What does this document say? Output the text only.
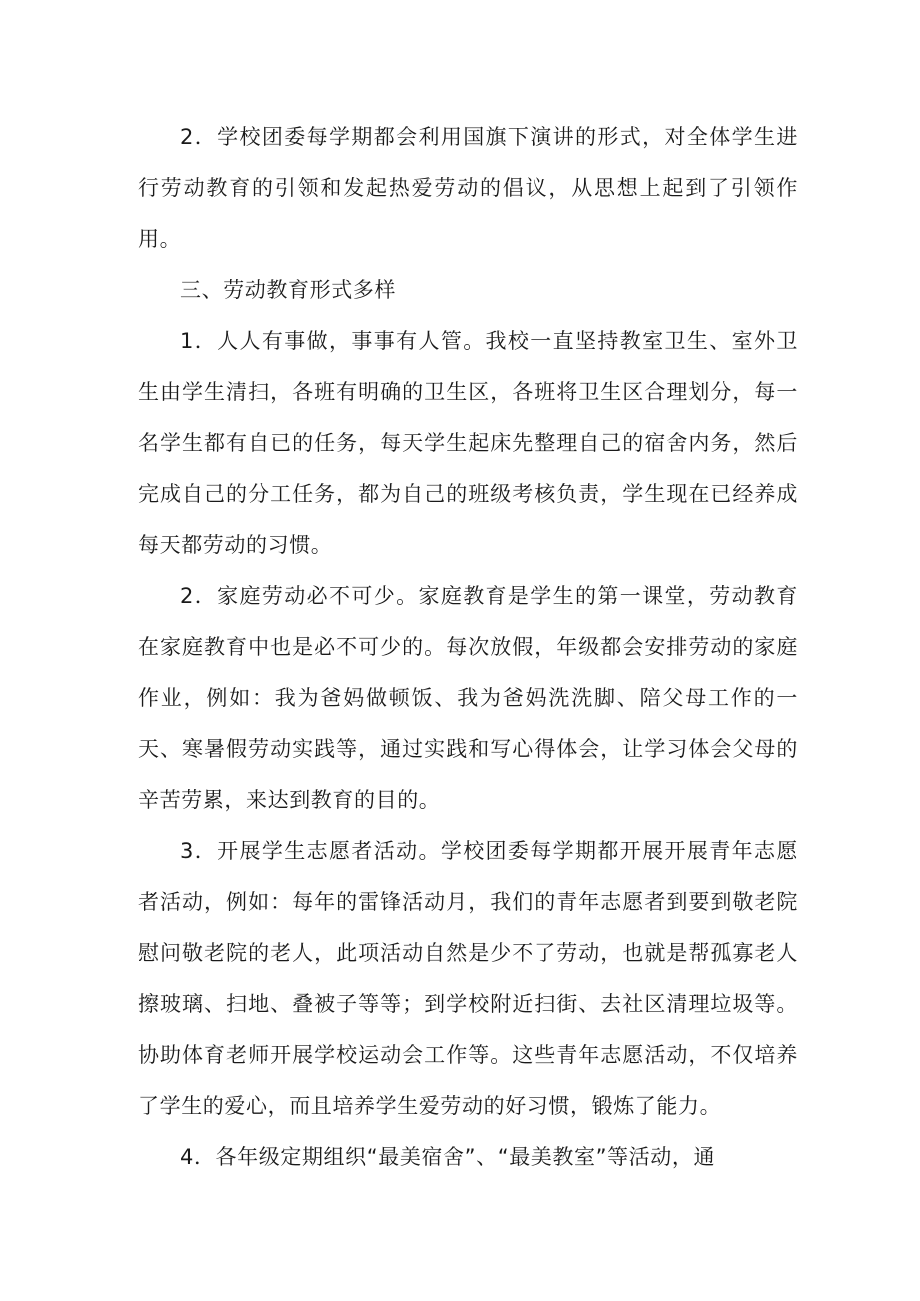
2．学校团委每学期都会利用国旗下演讲的形式，对全体学生进行劳动教育的引领和发起热爱劳动的倡议，从思想上起到了引领作用。

三、劳动教育形式多样

1．人人有事做，事事有人管。我校一直坚持教室卫生、室外卫生由学生清扫，各班有明确的卫生区，各班将卫生区合理划分，每一名学生都有自已的任务，每天学生起床先整理自己的宿舍内务，然后完成自己的分工任务，都为自己的班级考核负责，学生现在已经养成每天都劳动的习惯。

2．家庭劳动必不可少。家庭教育是学生的第一课堂，劳动教育在家庭教育中也是必不可少的。每次放假，年级都会安排劳动的家庭作业，例如：我为爸妈做顿饭、我为爸妈洗洗脚、陪父母工作的一天、寒暑假劳动实践等，通过实践和写心得体会，让学习体会父母的辛苦劳累，来达到教育的目的。

3．开展学生志愿者活动。学校团委每学期都开展开展青年志愿者活动，例如：每年的雷锋活动月，我们的青年志愿者到要到敬老院慰问敬老院的老人，此项活动自然是少不了劳动，也就是帮孤寡老人擦玻璃、扫地、叠被子等等；到学校附近扫街、去社区清理垃圾等。协助体育老师开展学校运动会工作等。这些青年志愿活动，不仅培养了学生的爱心，而且培养学生爱劳动的好习惯，锻炼了能力。

4．各年级定期组织“最美宿舍”、“最美教室”等活动，通
